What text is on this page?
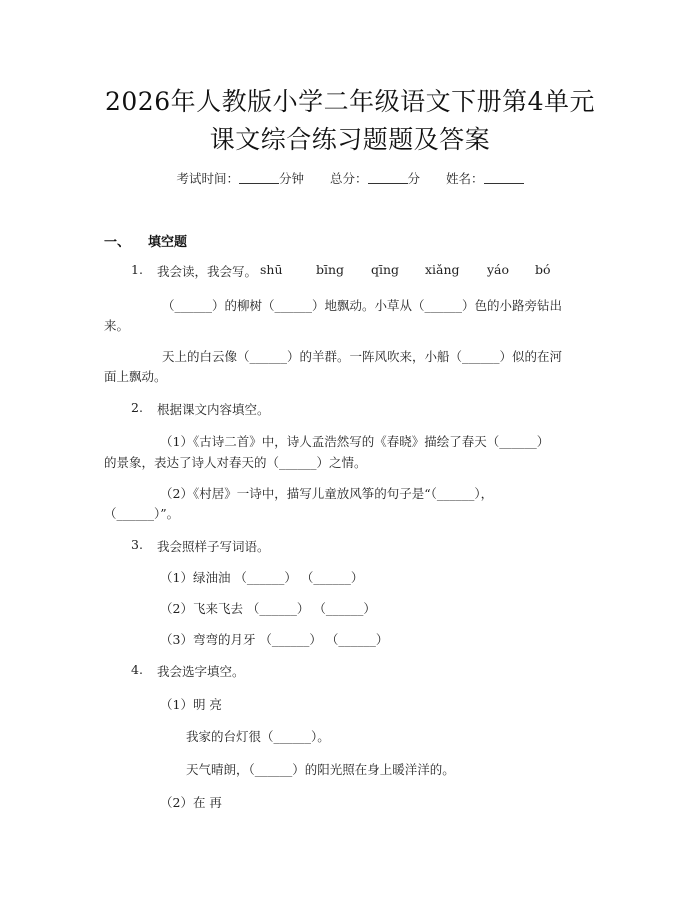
2026年人教版小学二年级语文下册第4单元
课文综合练习题题及答案
考试时间：	分钟 总分：	分 姓名：
一、 填空题
1. 我会读，我会写。 shū	bīng qīng xiǎng yáo bó
（______）的柳树（______）地飘动。小草从（______）色的小路旁钻出
来。
天上的白云像（______）的羊群。一阵风吹来，小船（______）似的在河
面上飘动。
2. 根据课文内容填空。
（1）《古诗二首》中，诗人孟浩然写的《春晓》描绘了春天（______）
的景象，表达了诗人对春天的（______）之情。
（2）《村居》一诗中，描写儿童放风筝的句子是“（______），
（______）”。
3. 我会照样子写词语。
（1）绿油油 （______） （______）
（2）飞来飞去 （______） （______）
（3）弯弯的月牙 （______） （______）
4. 我会选字填空。
（1）明 亮
我家的台灯很（______）。
天气晴朗，（______）的阳光照在身上暖洋洋的。
（2）在 再
